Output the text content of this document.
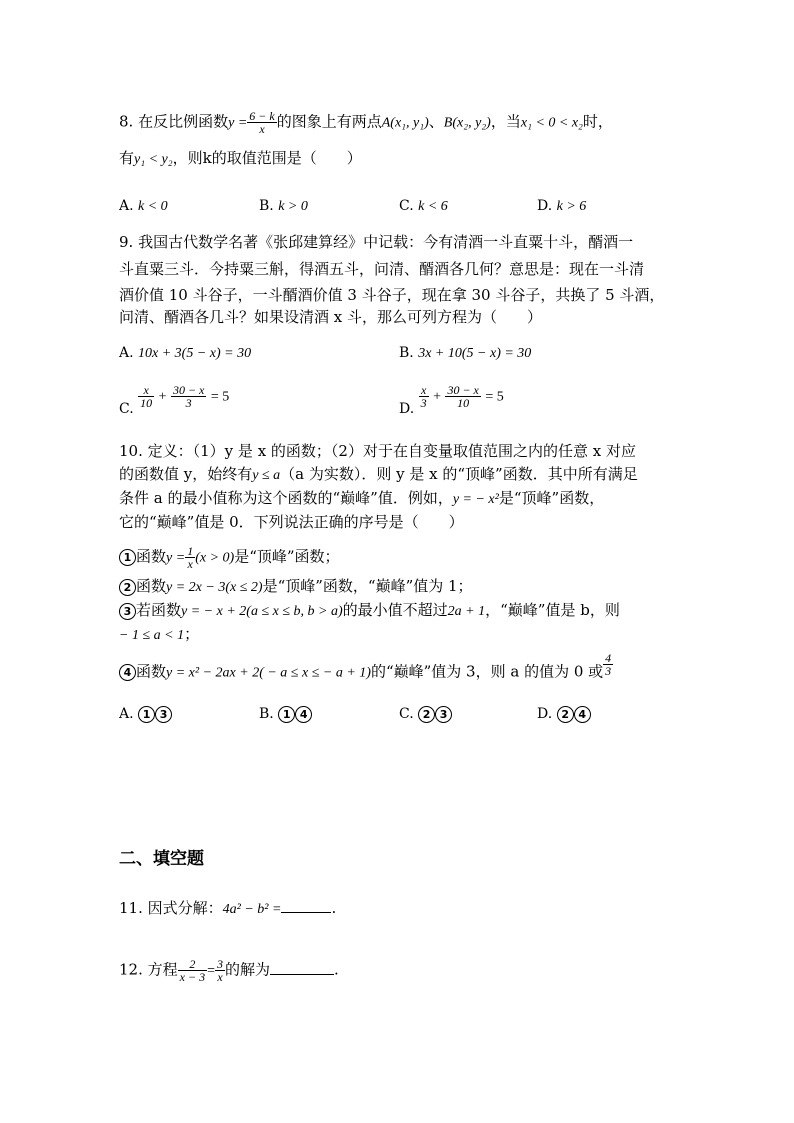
8. 在反比例函数$y = \frac{6 - k}{x}$ 的图象上有两点A(x₁, y₁)、B(x₂, y₂)，当x₁ < 0 < x₂时，
有y₁ < y₂，则k的取值范围是（　　）
A. k < 0	B. k > 0	C. k < 6	D. k > 6
9. 我国古代数学名著《张邱建算经》中记载：今有清酒一斗直粟十斗，醑酒一
斗直粟三斗．今持粟三斛，得酒五斗，问清、醑酒各几何？意思是：现在一斗清
酒价值 10 斗谷子，一斗醑酒价值 3 斗谷子，现在拿 30 斗谷子，共换了 5 斗酒，
问清、醑酒各几斗？如果设清酒 x 斗，那么可列方程为（　　）
A. 10x + 3(5 − x) = 30	B. 3x + 10(5 − x) = 30
C. $\frac{x}{10} + \frac{30 - x}{3} = 5$
D. $\frac{x}{3} + \frac{30 - x}{10} = 5$
10. 定义：（1）y 是 x 的函数；（2）对于在自变量取值范围之内的任意 x 对应
的函数值 y，始终有y ≤ a（a 为实数）．则 y 是 x 的“顶峰”函数．其中所有满足
条件 a 的最小值称为这个函数的“巅峰”值．例如，y = − x²是“顶峰”函数，
它的“巅峰”值是 0．下列说法正确的序号是（　　）
1 函数$y = \frac{1}{x} (x > 0)$是“顶峰”函数；
2 函数y = 2x − 3(x ≤ 2)是“顶峰”函数，“巅峰”值为 1；
3 若函数y = − x + 2(a ≤ x ≤ b, b > a)的最小值不超过2a + 1，“巅峰”值是 b，则
− 1 ≤ a < 1；
4 函数y = x² − 2ax + 2( − a ≤ x ≤ − a + 1)的“巅峰”值为 3，则 a 的值为 0 或 $\frac{4}{3}$
A. 1 3	B. 1 4	C. 2 3	D. 2 4
二、填空题
11. 因式分解：4a² − b² =	.
12. 方程 $\frac{2}{x - 3} = \frac{3}{x}$ 的解为	.
